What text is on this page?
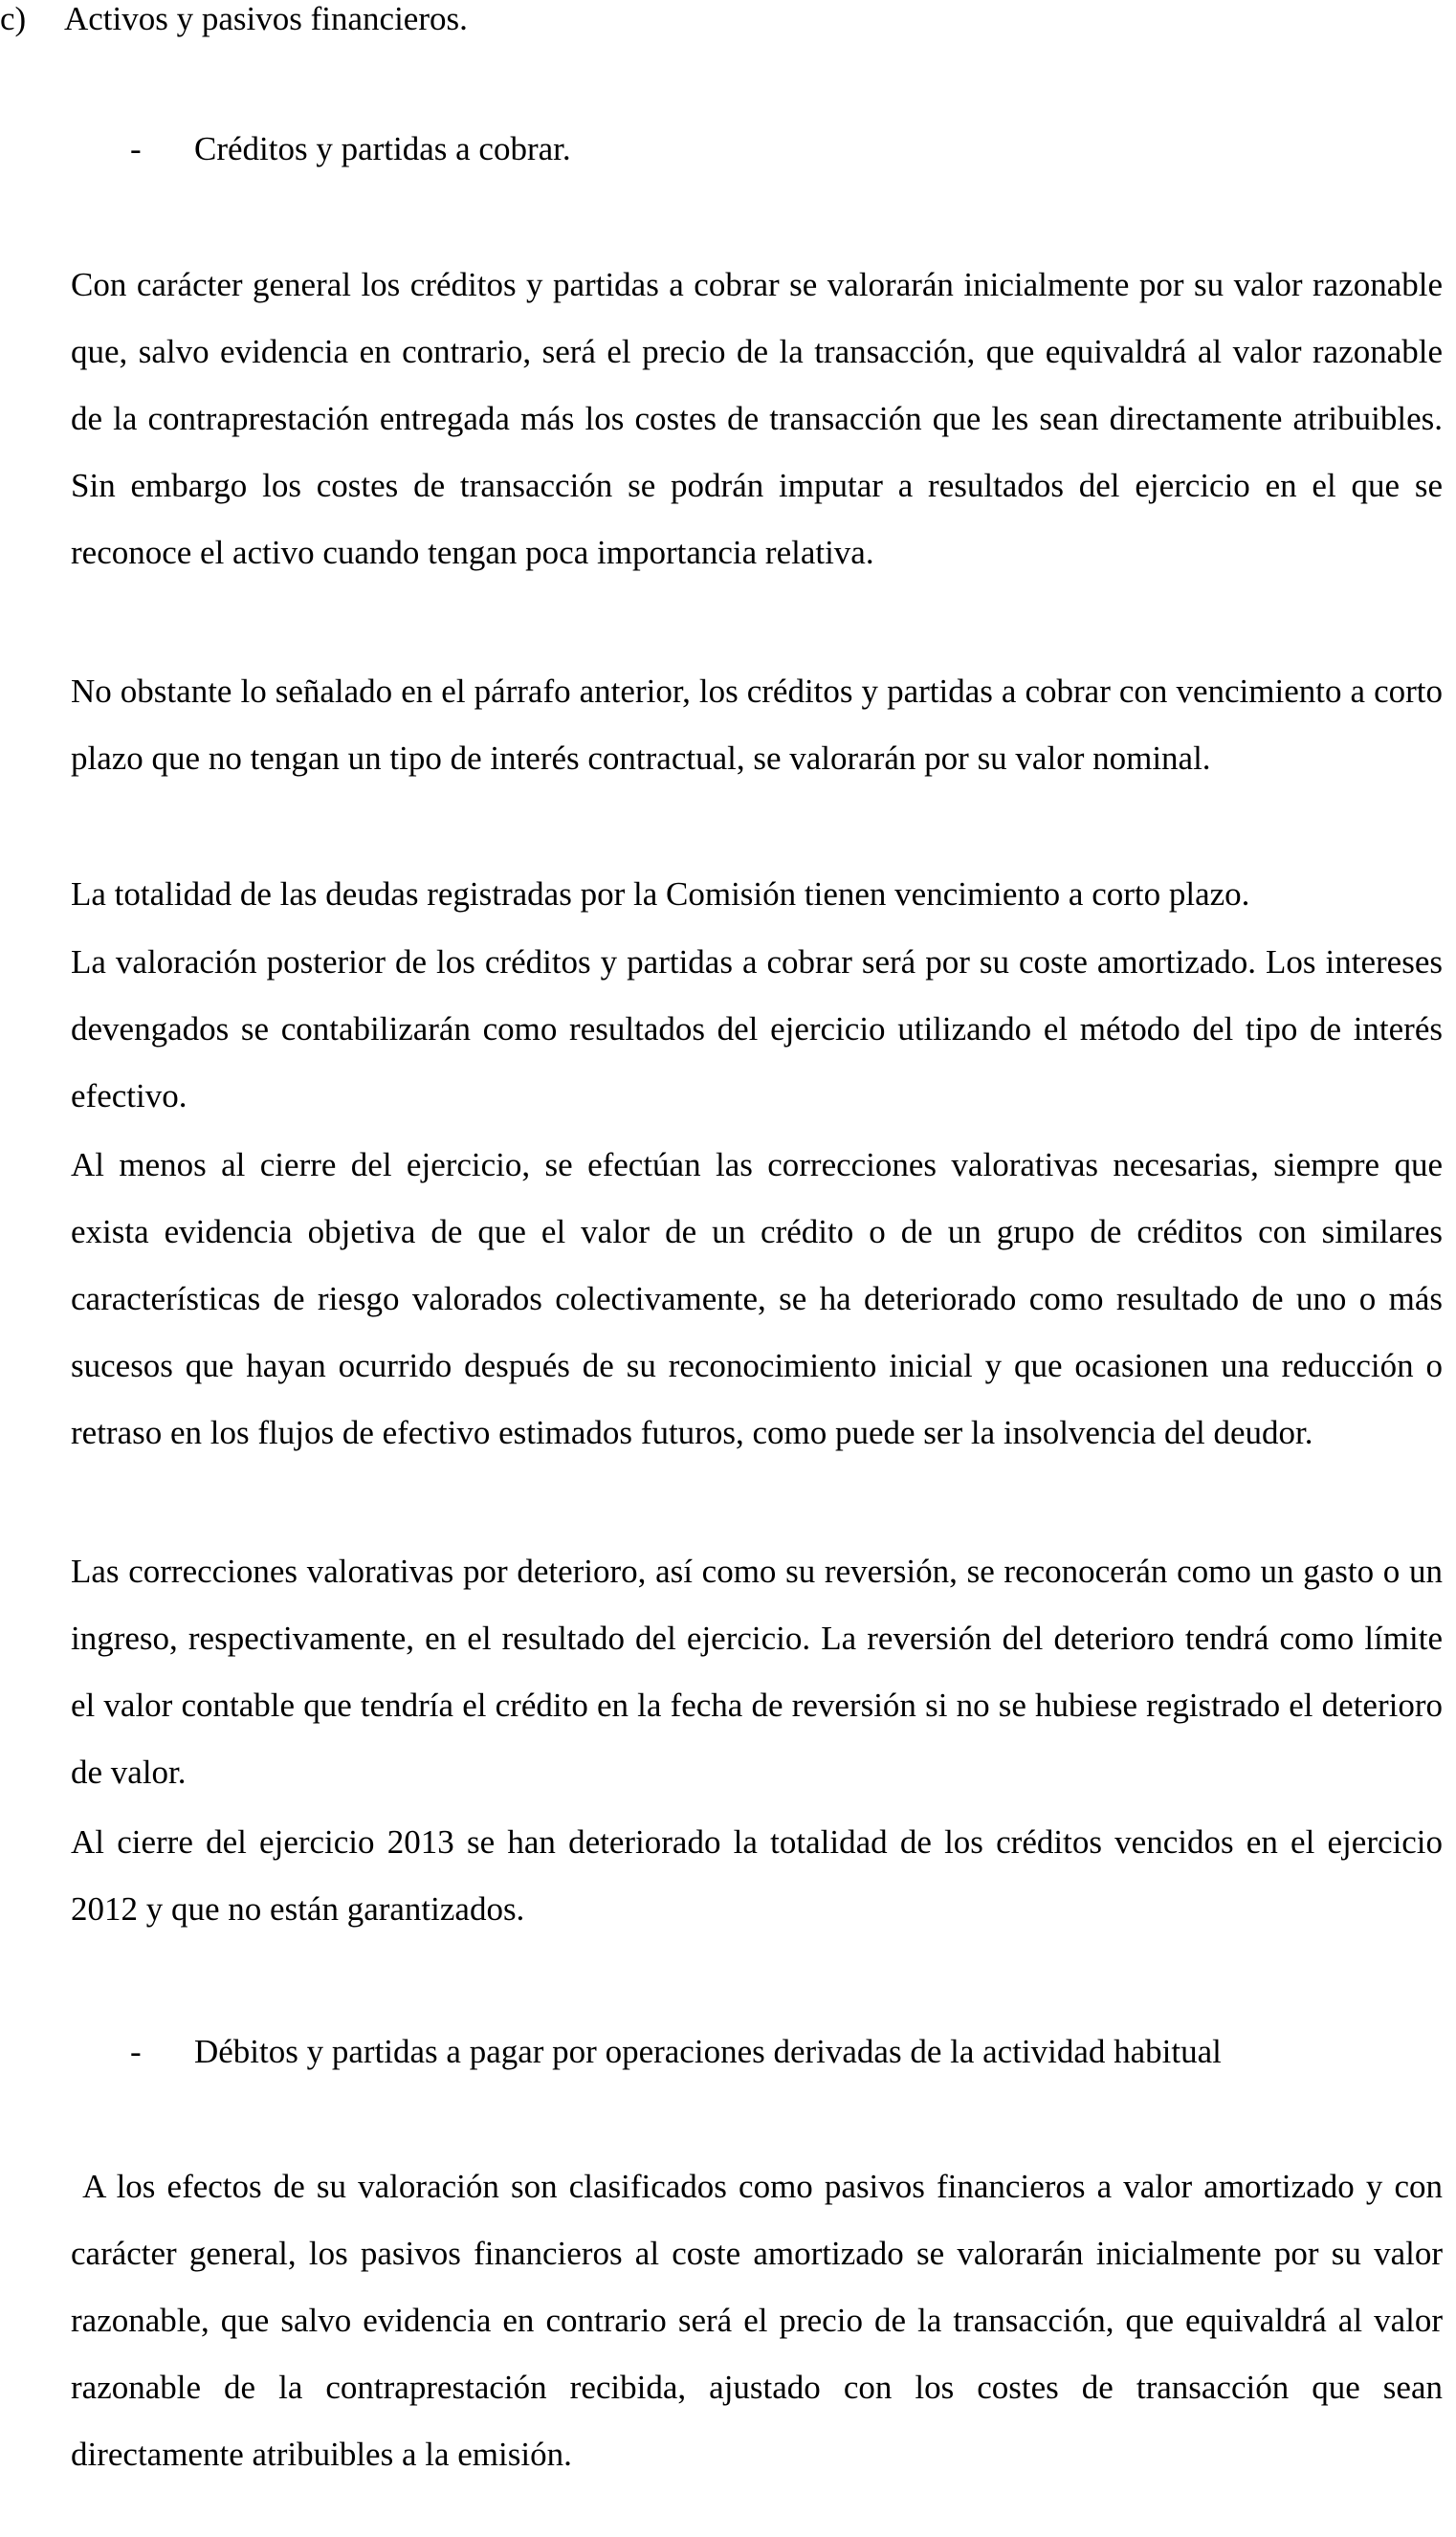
c) Activos y pasivos financieros.
- Créditos y partidas a cobrar.

Con carácter general los créditos y partidas a cobrar se valorarán inicialmente por su valor razonable que, salvo evidencia en contrario, será el precio de la transacción, que equivaldrá al valor razonable de la contraprestación entregada más los costes de transacción que les sean directamente atribuibles. Sin embargo los costes de transacción se podrán imputar a resultados del ejercicio en el que se reconoce el activo cuando tengan poca importancia relativa.

No obstante lo señalado en el párrafo anterior, los créditos y partidas a cobrar con vencimiento a corto plazo que no tengan un tipo de interés contractual, se valorarán por su valor nominal.

La totalidad de las deudas registradas por la Comisión tienen vencimiento a corto plazo.

La valoración posterior de los créditos y partidas a cobrar será por su coste amortizado. Los intereses devengados se contabilizarán como resultados del ejercicio utilizando el método del tipo de interés efectivo.

Al menos al cierre del ejercicio, se efectúan las correcciones valorativas necesarias, siempre que exista evidencia objetiva de que el valor de un crédito o de un grupo de créditos con similares características de riesgo valorados colectivamente, se ha deteriorado como resultado de uno o más sucesos que hayan ocurrido después de su reconocimiento inicial y que ocasionen una reducción o retraso en los flujos de efectivo estimados futuros, como puede ser la insolvencia del deudor.

Las correcciones valorativas por deterioro, así como su reversión, se reconocerán como un gasto o un ingreso, respectivamente, en el resultado del ejercicio. La reversión del deterioro tendrá como límite el valor contable que tendría el crédito en la fecha de reversión si no se hubiese registrado el deterioro de valor.

Al cierre del ejercicio 2013 se han deteriorado la totalidad de los créditos vencidos en el ejercicio 2012 y que no están garantizados.

- Débitos y partidas a pagar por operaciones derivadas de la actividad habitual

A los efectos de su valoración son clasificados como pasivos financieros a valor amortizado y con carácter general, los pasivos financieros al coste amortizado se valorarán inicialmente por su valor razonable, que salvo evidencia en contrario será el precio de la transacción, que equivaldrá al valor razonable de la contraprestación recibida, ajustado con los costes de transacción que sean directamente atribuibles a la emisión.
